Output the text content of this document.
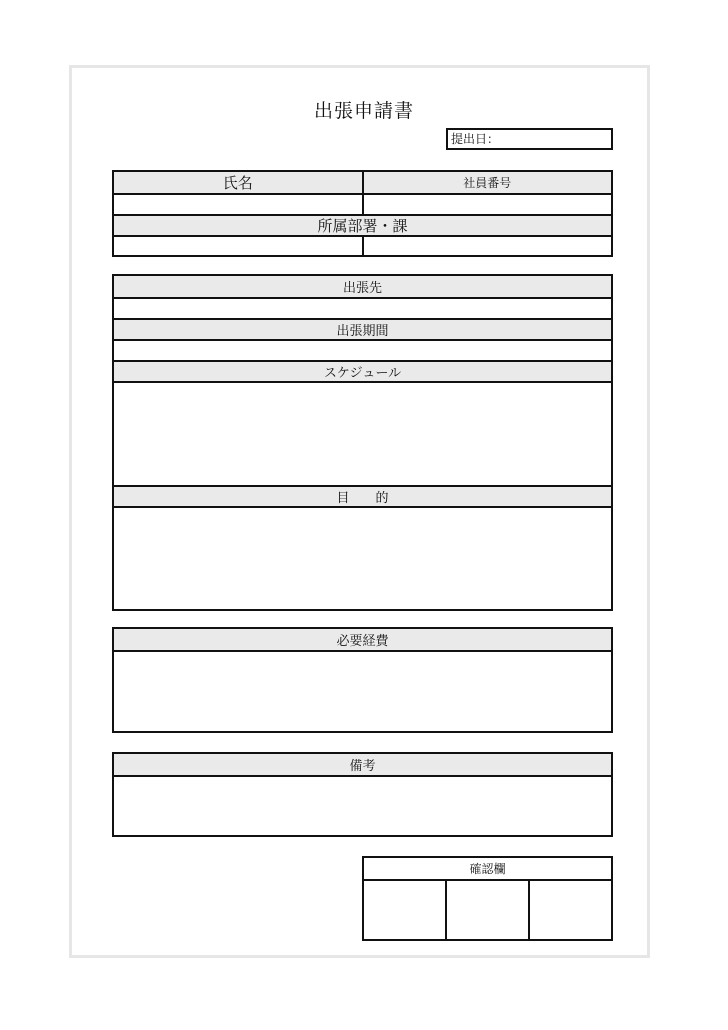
出張申請書
提出日：
氏名	社員番号
所属部署・課
出張先
出張期間
スケジュール
目　　的
必要経費
備考
確認欄
